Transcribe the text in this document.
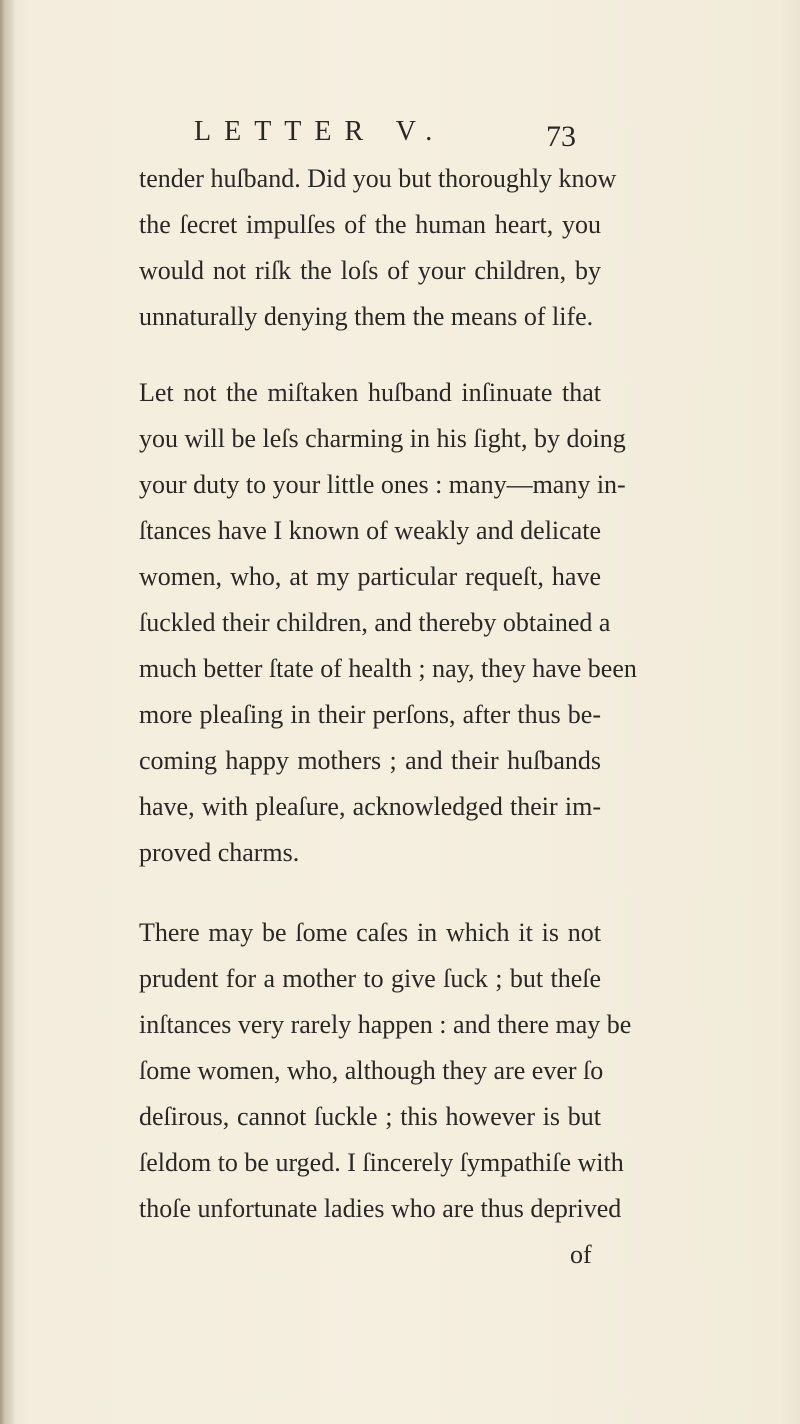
LETTER V.	73
tender huſband. Did you but thoroughly know
the ſecret impulſes of the human heart, you
would not riſk the loſs of your children, by
unnaturally denying them the means of life.
Let not the miſtaken huſband inſinuate that
you will be leſs charming in his ſight, by doing
your duty to your little ones : many—many in-
ſtances have I known of weakly and delicate
women, who, at my particular requeſt, have
ſuckled their children, and thereby obtained a
much better ſtate of health ; nay, they have been
more pleaſing in their perſons, after thus be-
coming happy mothers ; and their huſbands
have, with pleaſure, acknowledged their im-
proved charms.
There may be ſome caſes in which it is not
prudent for a mother to give ſuck ; but theſe
inſtances very rarely happen : and there may be
ſome women, who, although they are ever ſo
deſirous, cannot ſuckle ; this however is but
ſeldom to be urged. I ſincerely ſympathiſe with
thoſe unfortunate ladies who are thus deprived
of
